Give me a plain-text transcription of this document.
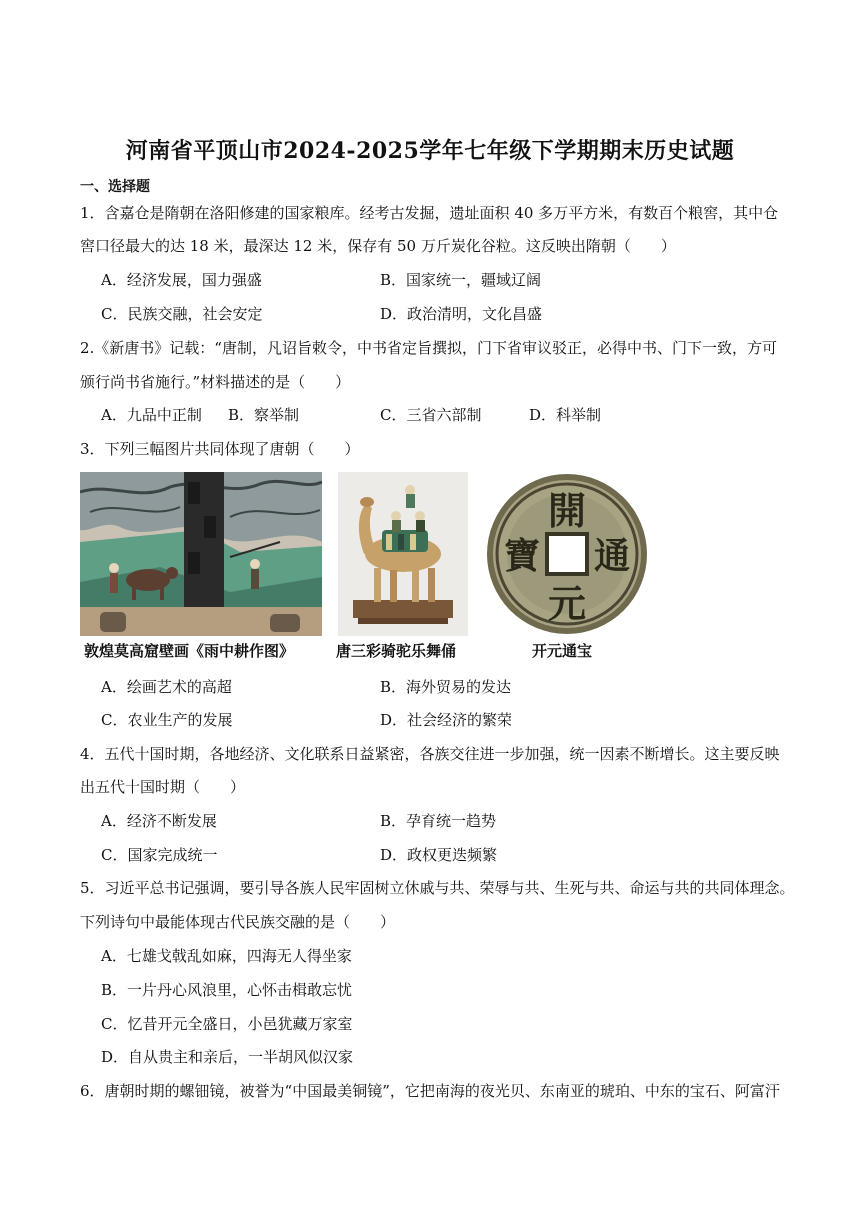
河南省平顶山市2024-2025学年七年级下学期期末历史试题
一、选择题
1．含嘉仓是隋朝在洛阳修建的国家粮库。经考古发掘，遗址面积 40 多万平方米，有数百个粮窖，其中仓
窖口径最大的达 18 米，最深达 12 米，保存有 50 万斤炭化谷粒。这反映出隋朝（　　）
A．经济发展，国力强盛	B．国家统一，疆域辽阔
C．民族交融，社会安定	D．政治清明，文化昌盛
2.《新唐书》记载：“唐制，凡诏旨敕令，中书省定旨撰拟，门下省审议驳正，必得中书、门下一致，方可
颁行尚书省施行。”材料描述的是（　　）
A．九品中正制 B．察举制	C．三省六部制	D．科举制
3．下列三幅图片共同体现了唐朝（　　）
開
元
通
寶
敦煌莫高窟壁画《雨中耕作图》	唐三彩骑驼乐舞俑	开元通宝
A．绘画艺术的高超	B．海外贸易的发达
C．农业生产的发展	D．社会经济的繁荣
4．五代十国时期，各地经济、文化联系日益紧密，各族交往进一步加强，统一因素不断增长。这主要反映
出五代十国时期（　　）
A．经济不断发展	B．孕育统一趋势
C．国家完成统一	D．政权更迭频繁
5．习近平总书记强调，要引导各族人民牢固树立休戚与共、荣辱与共、生死与共、命运与共的共同体理念。
下列诗句中最能体现古代民族交融的是（　　）
A．七雄戈戟乱如麻，四海无人得坐家
B．一片丹心风浪里，心怀击楫敢忘忧
C．忆昔开元全盛日，小邑犹藏万家室
D．自从贵主和亲后，一半胡风似汉家
6．唐朝时期的螺钿镜，被誉为“中国最美铜镜”，它把南海的夜光贝、东南亚的琥珀、中东的宝石、阿富汗
